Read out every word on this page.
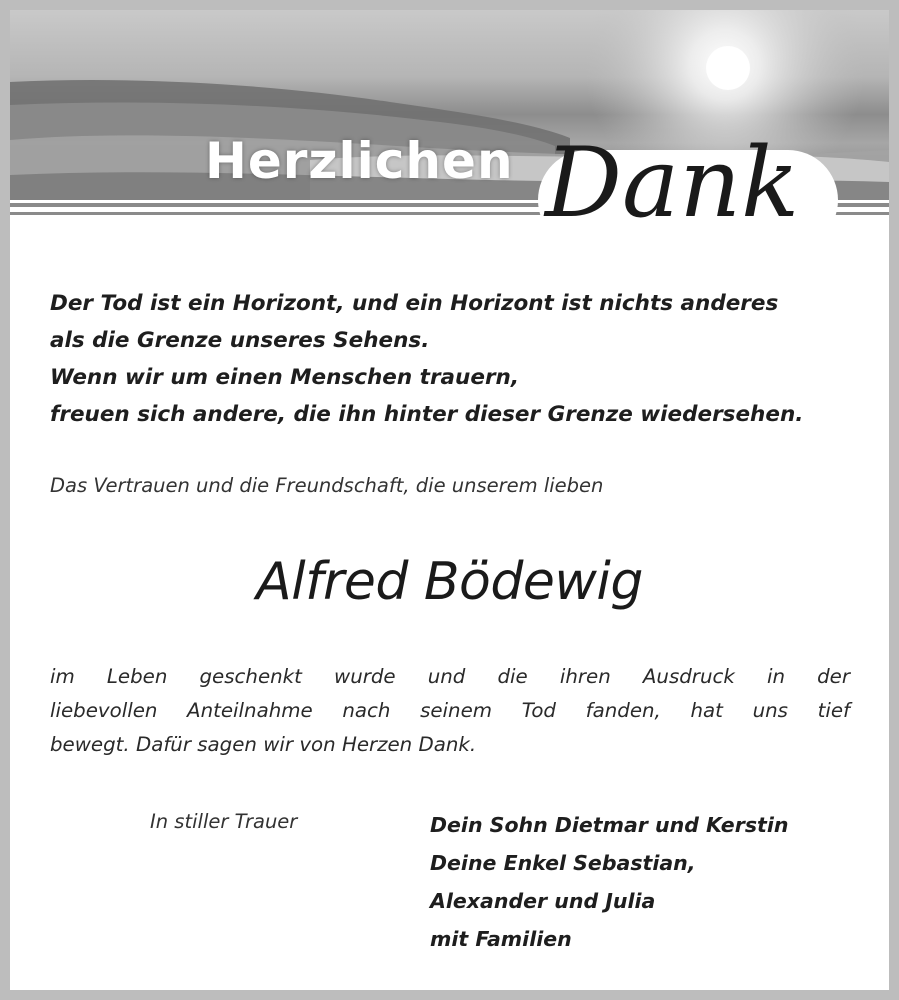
Herzlichen Dank
Der Tod ist ein Horizont, und ein Horizont ist nichts anderes
als die Grenze unseres Sehens.
Wenn wir um einen Menschen trauern,
freuen sich andere, die ihn hinter dieser Grenze wiedersehen.
Das Vertrauen und die Freundschaft, die unserem lieben
Alfred Bödewig
im Leben geschenkt wurde und die ihren Ausdruck in der
liebevollen Anteilnahme nach seinem Tod fanden, hat uns tief
bewegt. Dafür sagen wir von Herzen Dank.
In stiller Trauer	Dein Sohn Dietmar und Kerstin
Deine Enkel Sebastian,
Alexander und Julia
mit Familien
